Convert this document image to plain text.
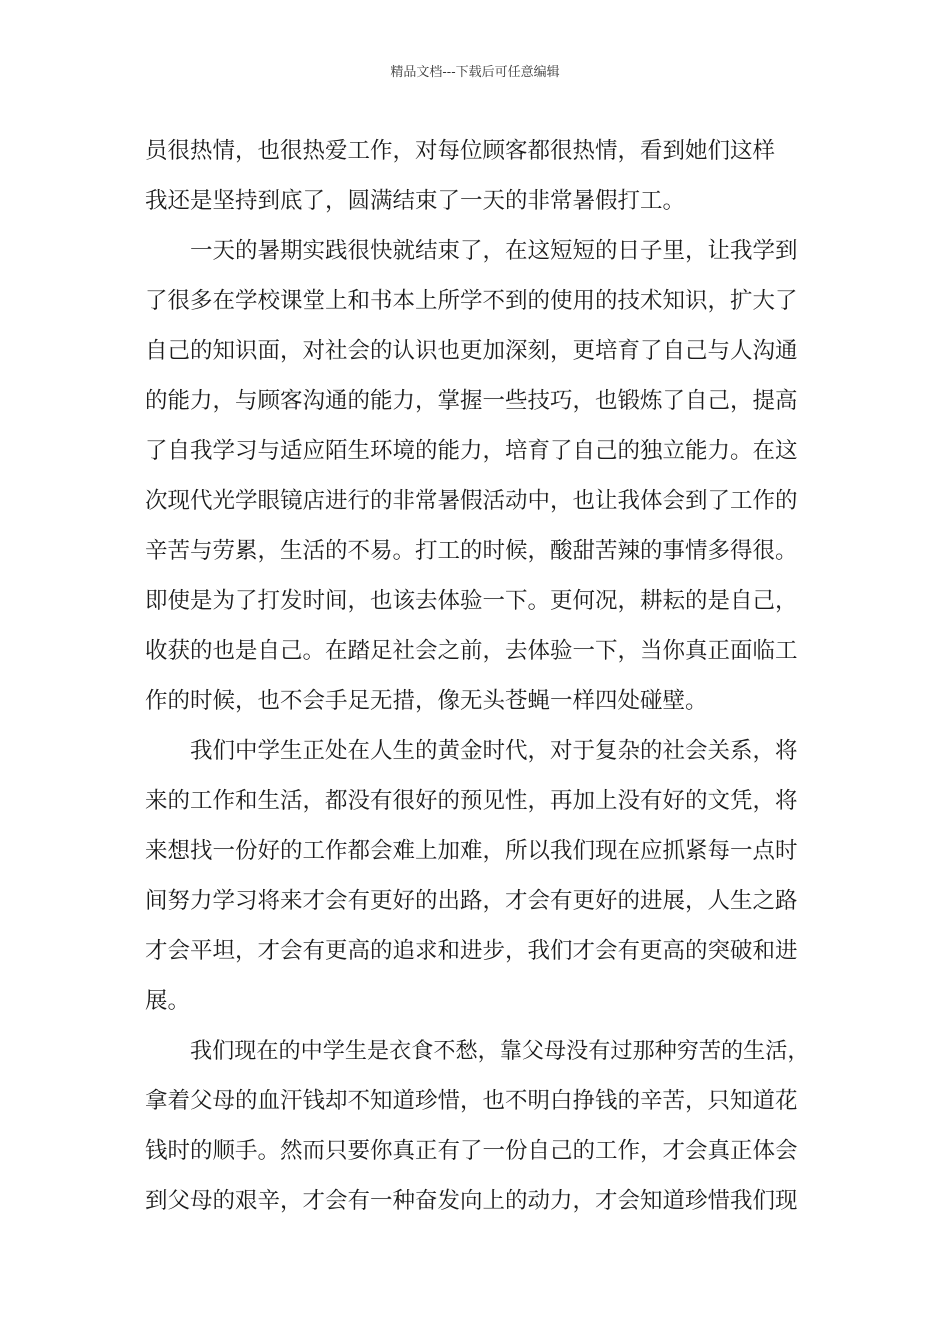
精品文档---下载后可任意编辑
员很热情，也很热爱工作，对每位顾客都很热情，看到她们这样
我还是坚持到底了，圆满结束了一天的非常暑假打工。
一天的暑期实践很快就结束了，在这短短的日子里，让我学到
了很多在学校课堂上和书本上所学不到的使用的技术知识，扩大了
自己的知识面，对社会的认识也更加深刻，更培育了自己与人沟通
的能力，与顾客沟通的能力，掌握一些技巧，也锻炼了自己，提高
了自我学习与适应陌生环境的能力，培育了自己的独立能力。在这
次现代光学眼镜店进行的非常暑假活动中，也让我体会到了工作的
辛苦与劳累，生活的不易。打工的时候，酸甜苦辣的事情多得很。
即使是为了打发时间，也该去体验一下。更何况，耕耘的是自己，
收获的也是自己。在踏足社会之前，去体验一下，当你真正面临工
作的时候，也不会手足无措，像无头苍蝇一样四处碰壁。
我们中学生正处在人生的黄金时代，对于复杂的社会关系，将
来的工作和生活，都没有很好的预见性，再加上没有好的文凭，将
来想找一份好的工作都会难上加难，所以我们现在应抓紧每一点时
间努力学习将来才会有更好的出路，才会有更好的进展，人生之路
才会平坦，才会有更高的追求和进步，我们才会有更高的突破和进
展。
我们现在的中学生是衣食不愁，靠父母没有过那种穷苦的生活，
拿着父母的血汗钱却不知道珍惜，也不明白挣钱的辛苦，只知道花
钱时的顺手。然而只要你真正有了一份自己的工作，才会真正体会
到父母的艰辛，才会有一种奋发向上的动力，才会知道珍惜我们现
